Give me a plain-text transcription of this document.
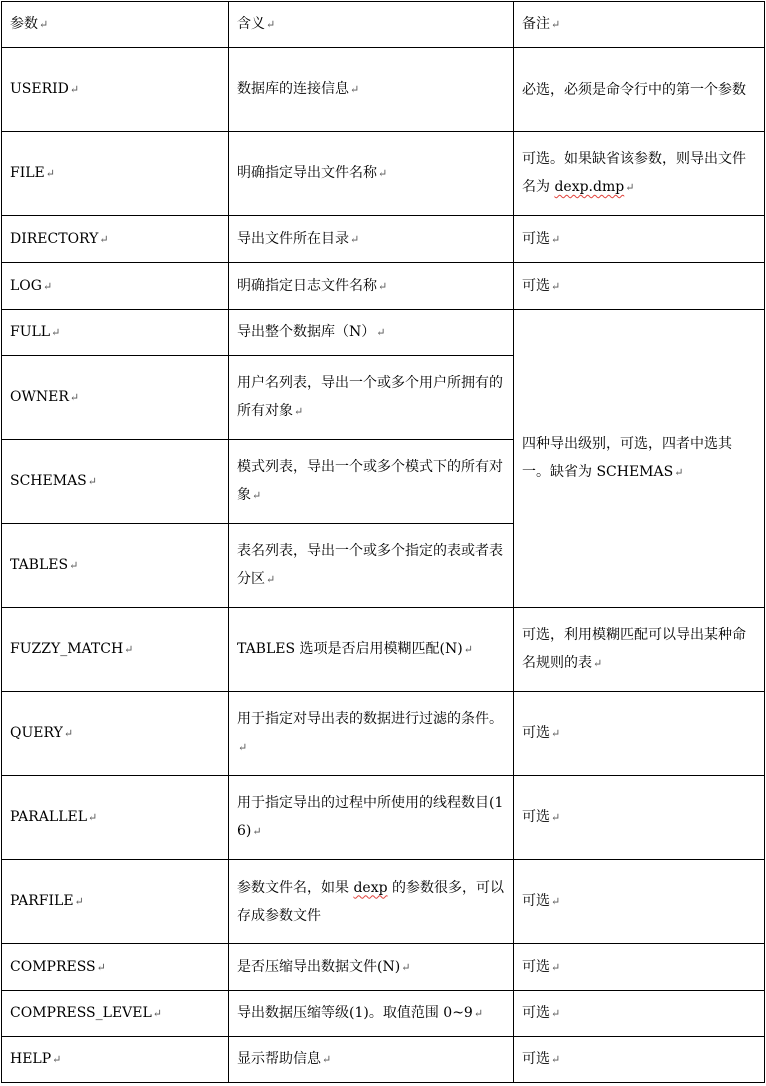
参数↵	含义↵	备注↵
USERID↵	数据库的连接信息↵	必选，必须是命令行中的第一个参数
FILE↵	明确指定导出文件名称↵	可选。如果缺省该参数，则导出文件名为 dexp.dmp↵
DIRECTORY↵	导出文件所在目录↵	可选↵
LOG↵	明确指定日志文件名称↵	可选↵
FULL↵	导出整个数据库（N）↵	四种导出级别，可选，四者中选其一。缺省为 SCHEMAS↵
OWNER↵	用户名列表，导出一个或多个用户所拥有的所有对象↵	
SCHEMAS↵	模式列表，导出一个或多个模式下的所有对象↵	
TABLES↵	表名列表，导出一个或多个指定的表或者表分区↵	
FUZZY_MATCH↵	TABLES 选项是否启用模糊匹配(N)↵	可选，利用模糊匹配可以导出某种命名规则的表↵
QUERY↵	用于指定对导出表的数据进行过滤的条件。 ↵	可选↵
PARALLEL↵	用于指定导出的过程中所使用的线程数目(16)↵	可选↵
PARFILE↵	参数文件名，如果 dexp 的参数很多，可以存成参数文件	可选↵
COMPRESS↵	是否压缩导出数据文件(N)↵	可选↵
COMPRESS_LEVEL↵	导出数据压缩等级(1)。取值范围 0~9↵	可选↵
HELP↵	显示帮助信息↵	可选↵
